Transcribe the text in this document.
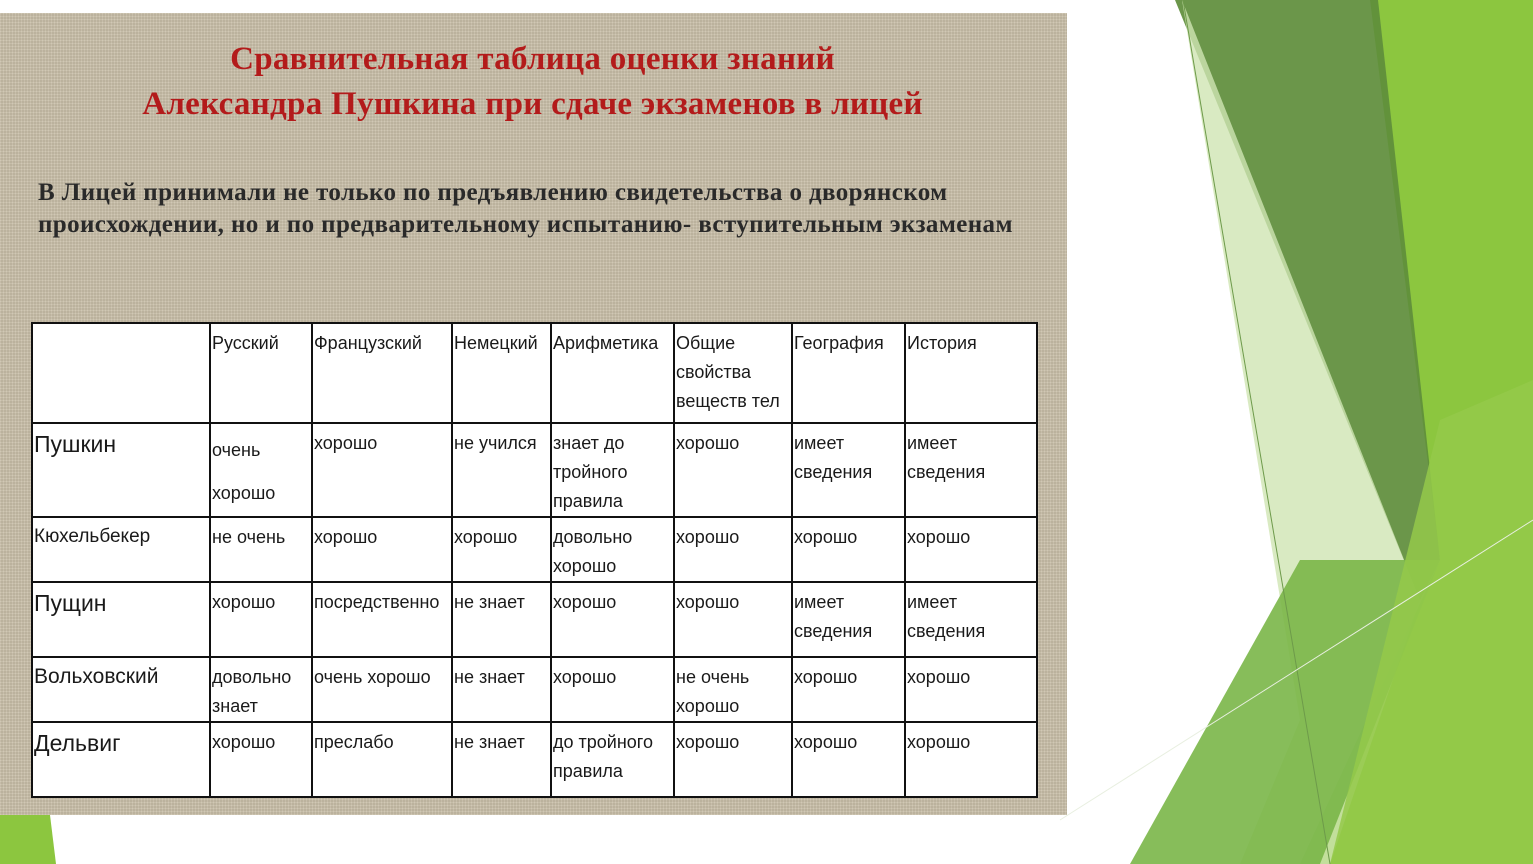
Сравнительная таблица оценки знаний
Александра Пушкина при сдаче экзаменов в лицей

В Лицей принимали не только по предъявлению свидетельства о дворянском происхождении, но и по предварительному испытанию- вступительным экзаменам

	Русский	Французский	Немецкий	Арифметика	Общие свойства веществ тел	География	История
Пушкин	очень хорошо	хорошо	не учился	знает до тройного правила	хорошо	имеет сведения	имеет сведения

Кюхельбекер	не очень	хорошо	хорошо	довольно хорошо	хорошо	хорошо	хорошо
Пущин	хорошо	посредственно	не знает	хорошо	хорошо	имеет сведения	имеет сведения

Вольховский	довольно знает	очень хорошо	не знает	хорошо	не очень хорошо	хорошо	хорошо
Дельвиг	хорошо	преслабо	не знает	до тройного правила	хорошо	хорошо	хорошо
